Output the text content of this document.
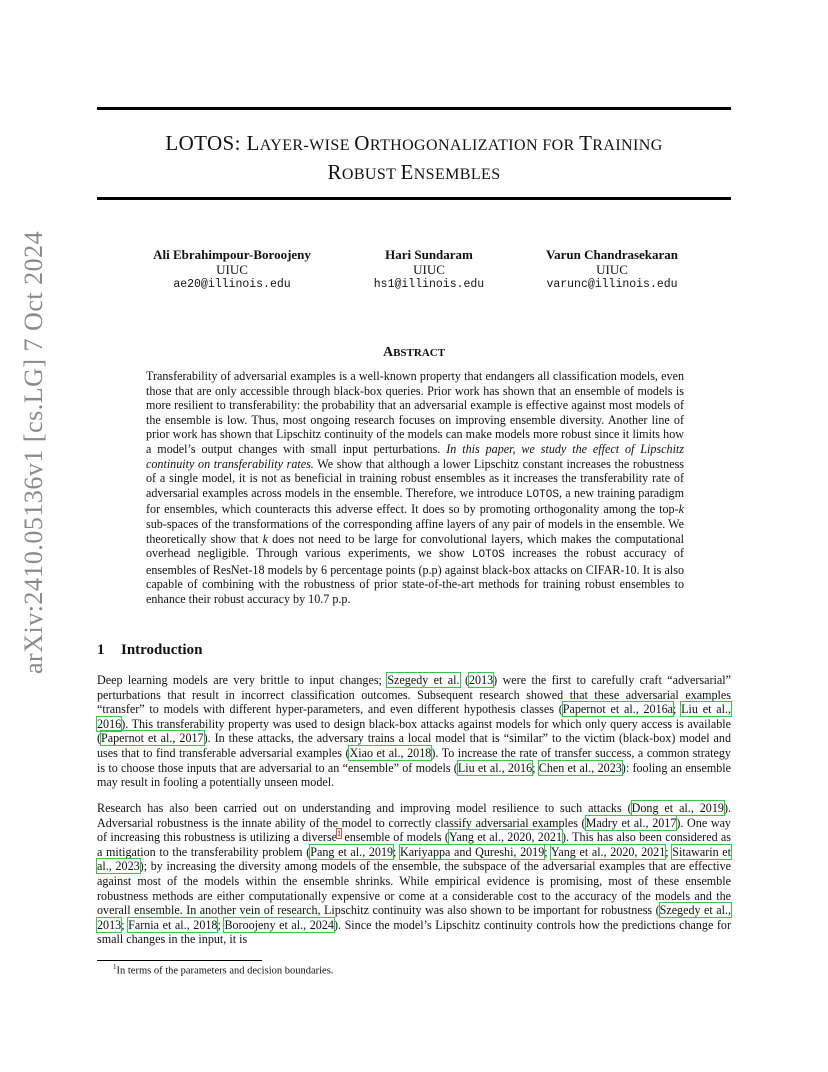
arXiv:2410.05136v1 [cs.LG] 7 Oct 2024
LOTOS: LAYER-WISE ORTHOGONALIZATION FOR TRAINING
ROBUST ENSEMBLES
Ali Ebrahimpour-Boroojeny
UIUC
ae20@illinois.edu
Hari Sundaram
UIUC
hs1@illinois.edu
Varun Chandrasekaran
UIUC
varunc@illinois.edu
ABSTRACT
Transferability of adversarial examples is a well-known property that endangers all classification models, even those that are only accessible through black-box queries. Prior work has shown that an ensemble of models is more resilient to transferability: the probability that an adversarial example is effective against most models of the ensemble is low. Thus, most ongoing research focuses on improving ensemble diversity. Another line of prior work has shown that Lipschitz continuity of the models can make models more robust since it limits how a model’s output changes with small input perturbations. In this paper, we study the effect of Lipschitz continuity on transferability rates. We show that although a lower Lipschitz constant increases the robustness of a single model, it is not as beneficial in training robust ensembles as it increases the transferability rate of adversarial examples across models in the ensemble. Therefore, we introduce LOTOS, a new training paradigm for ensembles, which counteracts this adverse effect. It does so by promoting orthogonality among the top-k sub-spaces of the transformations of the corresponding affine layers of any pair of models in the ensemble. We theoretically show that k does not need to be large for convolutional layers, which makes the computational overhead negligible. Through various experiments, we show LOTOS increases the robust accuracy of ensembles of ResNet-18 models by 6 percentage points (p.p) against black-box attacks on CIFAR-10. It is also capable of combining with the robustness of prior state-of-the-art methods for training robust ensembles to enhance their robust accuracy by 10.7 p.p.
1 Introduction
Deep learning models are very brittle to input changes; Szegedy et al. (2013) were the first to carefully craft “adversarial” perturbations that result in incorrect classification outcomes. Subsequent research showed that these adversarial examples “transfer” to models with different hyper-parameters, and even different hypothesis classes (Papernot et al., 2016a; Liu et al., 2016). This transferability property was used to design black-box attacks against models for which only query access is available (Papernot et al., 2017). In these attacks, the adversary trains a local model that is “similar” to the victim (black-box) model and uses that to find transferable adversarial examples (Xiao et al., 2018). To increase the rate of transfer success, a common strategy is to choose those inputs that are adversarial to an “ensemble” of models (Liu et al., 2016; Chen et al., 2023): fooling an ensemble may result in fooling a potentially unseen model.
Research has also been carried out on understanding and improving model resilience to such attacks (Dong et al., 2019). Adversarial robustness is the innate ability of the model to correctly classify adversarial examples (Madry et al., 2017). One way of increasing this robustness is utilizing a diverse$^1$ ensemble of models (Yang et al., 2020, 2021). This has also been considered as a mitigation to the transferability problem (Pang et al., 2019; Kariyappa and Qureshi, 2019; Yang et al., 2020, 2021; Sitawarin et al., 2023); by increasing the diversity among models of the ensemble, the subspace of the adversarial examples that are effective against most of the models within the ensemble shrinks. While empirical evidence is promising, most of these ensemble robustness methods are either computationally expensive or come at a considerable cost to the accuracy of the models and the overall ensemble. In another vein of research, Lipschitz continuity was also shown to be important for robustness (Szegedy et al., 2013; Farnia et al., 2018; Boroojeny et al., 2024). Since the model’s Lipschitz continuity controls how the predictions change for small changes in the input, it is
$^1$In terms of the parameters and decision boundaries.
